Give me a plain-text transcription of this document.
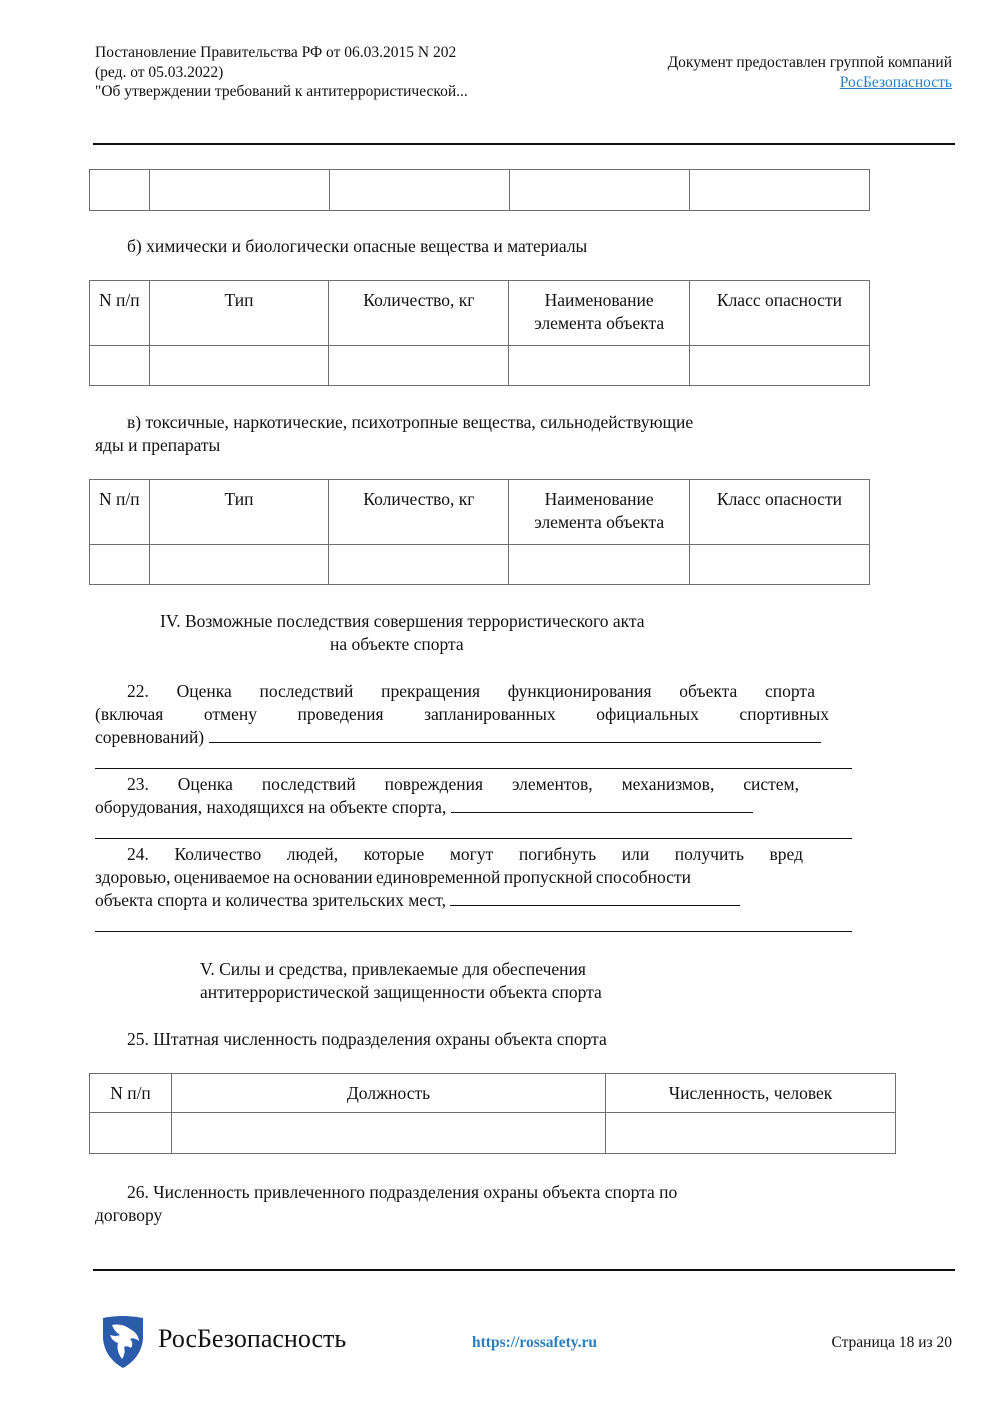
Постановление Правительства РФ от 06.03.2015 N 202
(ред. от 05.03.2022)
"Об утверждении требований к антитеррористической...
Документ предоставлен группой компаний
РосБезопасность

б) химически и биологически опасные вещества и материалы
N п/п	Тип	Количество, кг	Наименование
элемента объекта	Класс опасности

в) токсичные, наркотические, психотропные вещества, сильнодействующие
яды и препараты
N п/п	Тип	Количество, кг	Наименование
элемента объекта	Класс опасности

IV. Возможные последствия совершения террористического акта
на объекте спорта
22. Оценка последствий прекращения функционирования объекта спорта
(включая отмену проведения запланированных официальных спортивных
соревнований)
23. Оценка последствий повреждения элементов, механизмов, систем,
оборудования, находящихся на объекте спорта,
24. Количество людей, которые могут погибнуть или получить вред
здоровью, оцениваемое на основании единовременной пропускной способности
объекта спорта и количества зрительских мест,
V. Силы и средства, привлекаемые для обеспечения
антитеррористической защищенности объекта спорта
25. Штатная численность подразделения охраны объекта спорта
N п/п	Должность	Численность, человек

26. Численность привлеченного подразделения охраны объекта спорта по
договору
РосБезопасность	https://rossafety.ru	Страница 18 из 20
